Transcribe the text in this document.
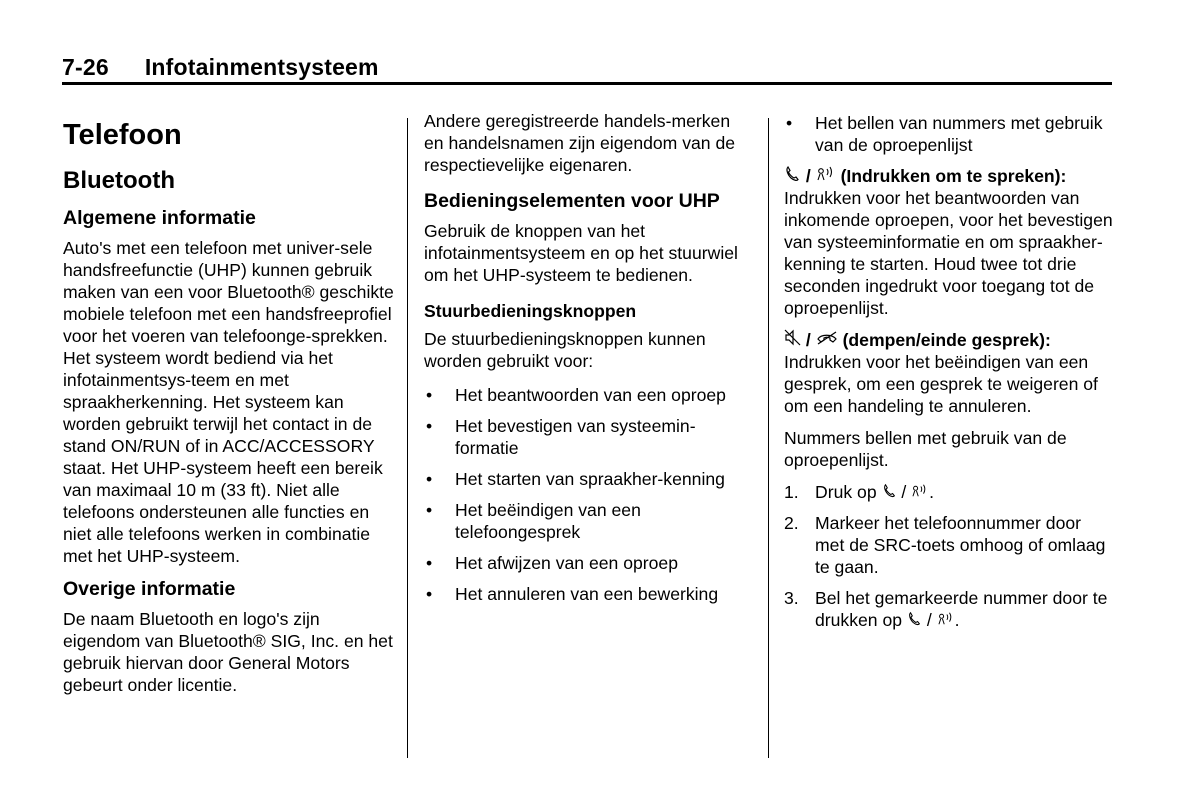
7-26 Infotainmentsysteem
Telefoon
Bluetooth
Algemene informatie

Auto's met een telefoon met univer-sele handsfreefunctie (UHP) kunnen gebruik maken van een voor Bluetooth® geschikte mobiele telefoon met een handsfreeprofiel voor het voeren van telefoonge-sprekken. Het systeem wordt bediend via het infotainmentsys-teem en met spraakherkenning. Het systeem kan worden gebruikt terwijl het contact in de stand ON/RUN of in ACC/ACCESSORY staat. Het UHP-systeem heeft een bereik van maximaal 10 m (33 ft). Niet alle telefoons ondersteunen alle functies en niet alle telefoons werken in combinatie met het UHP-systeem.

Overige informatie

De naam Bluetooth en logo's zijn eigendom van Bluetooth® SIG, Inc. en het gebruik hiervan door General Motors gebeurt onder licentie.

Andere geregistreerde handels-merken en handelsnamen zijn eigendom van de respectievelijke eigenaren.

Bedieningselementen voor UHP

Gebruik de knoppen van het infotainmentsysteem en op het stuurwiel om het UHP-systeem te bedienen.

Stuurbedieningsknoppen

De stuurbedieningsknoppen kunnen worden gebruikt voor:

• Het beantwoorden van een oproep
• Het bevestigen van systeemin-formatie
• Het starten van spraakher-kenning
• Het beëindigen van een telefoongesprek
• Het afwijzen van een oproep
• Het annuleren van een bewerking
• Het bellen van nummers met gebruik van de oproepenlijst

/  (Indrukken om te spreken): Indrukken voor het beantwoorden van inkomende oproepen, voor het bevestigen van systeeminformatie en om spraakher-kenning te starten. Houd twee tot drie seconden ingedrukt voor toegang tot de oproepenlijst.

/  (dempen/einde gesprek): Indrukken voor het beëindigen van een gesprek, om een gesprek te weigeren of om een handeling te annuleren.

Nummers bellen met gebruik van de oproepenlijst.

1. Druk op  / .
2. Markeer het telefoonnummer door met de SRC-toets omhoog of omlaag te gaan.
3. Bel het gemarkeerde nummer door te drukken op  / .
